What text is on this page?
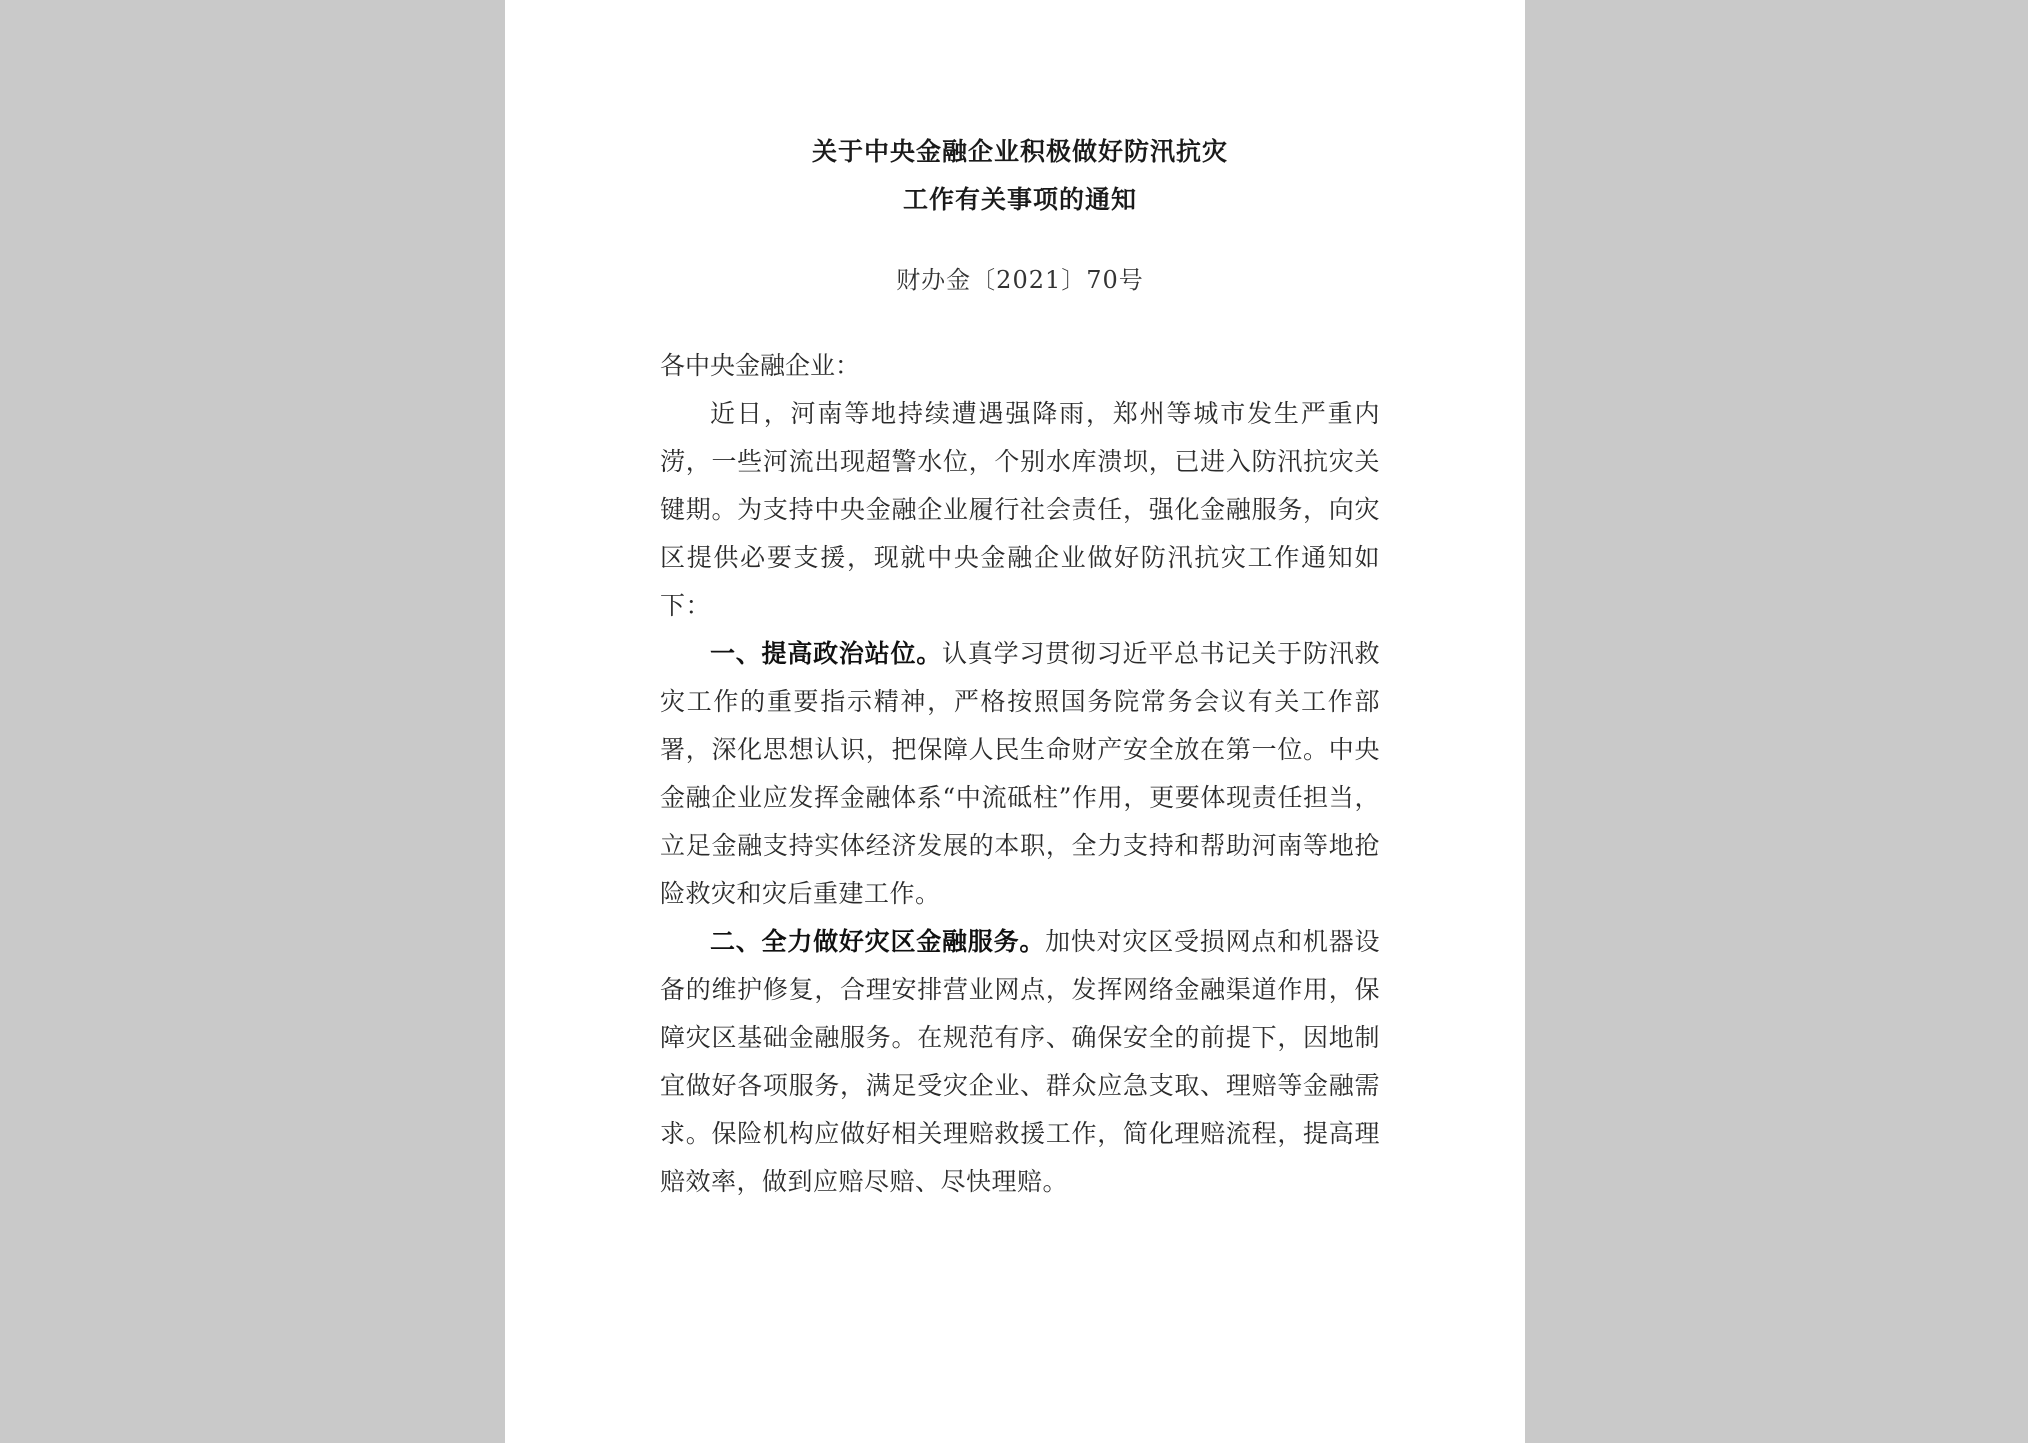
关于中央金融企业积极做好防汛抗灾
工作有关事项的通知
财办金〔2021〕70号
各中央金融企业：

近日，河南等地持续遭遇强降雨，郑州等城市发生严重内涝，一些河流出现超警水位，个别水库溃坝，已进入防汛抗灾关键期。为支持中央金融企业履行社会责任，强化金融服务，向灾区提供必要支援，现就中央金融企业做好防汛抗灾工作通知如下：

一、提高政治站位。认真学习贯彻习近平总书记关于防汛救灾工作的重要指示精神，严格按照国务院常务会议有关工作部署，深化思想认识，把保障人民生命财产安全放在第一位。中央金融企业应发挥金融体系“中流砥柱”作用，更要体现责任担当，立足金融支持实体经济发展的本职，全力支持和帮助河南等地抢险救灾和灾后重建工作。

二、全力做好灾区金融服务。加快对灾区受损网点和机器设备的维护修复，合理安排营业网点，发挥网络金融渠道作用，保障灾区基础金融服务。在规范有序、确保安全的前提下，因地制宜做好各项服务，满足受灾企业、群众应急支取、理赔等金融需求。保险机构应做好相关理赔救援工作，简化理赔流程，提高理赔效率，做到应赔尽赔、尽快理赔。
